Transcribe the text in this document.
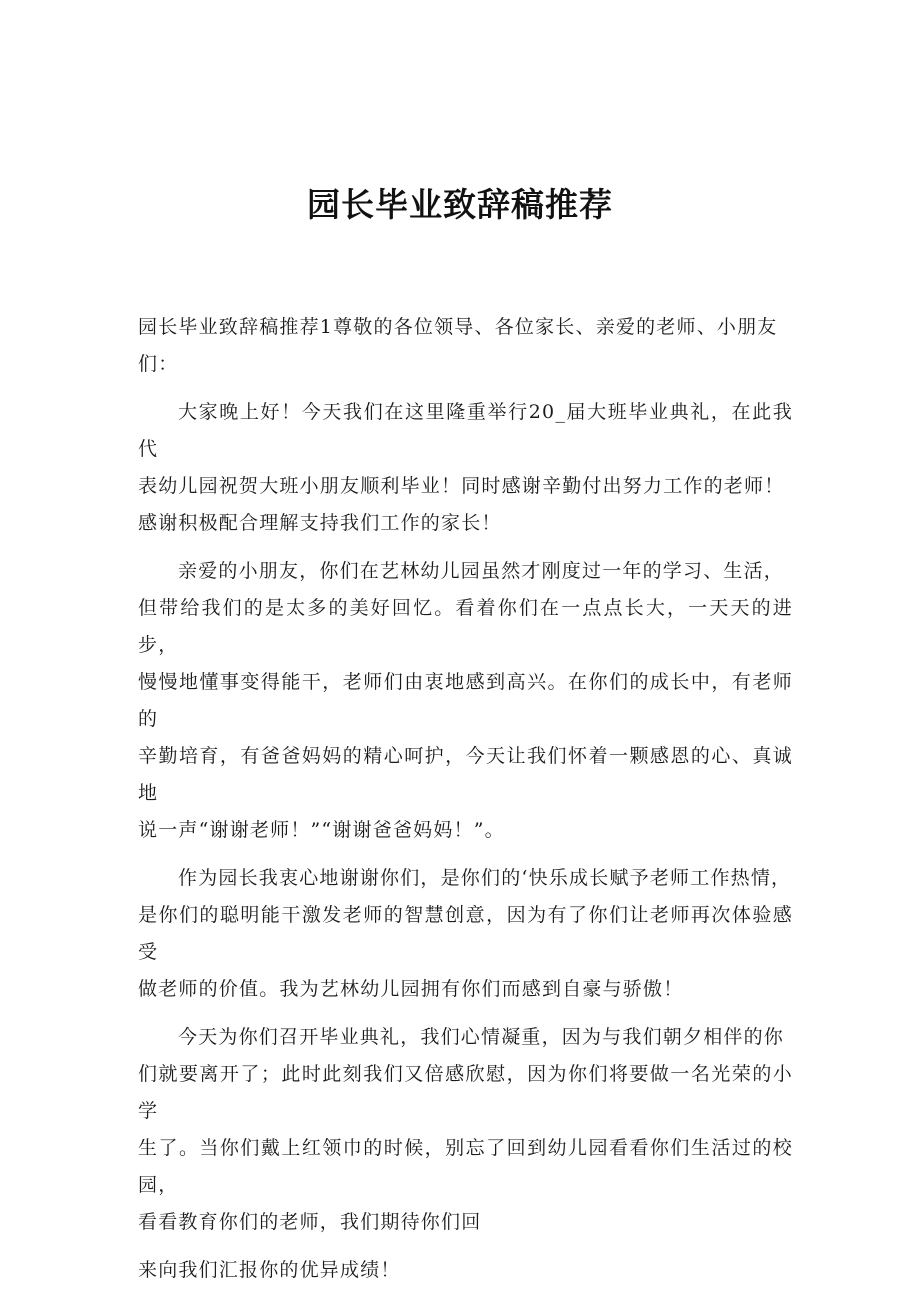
园长毕业致辞稿推荐

园长毕业致辞稿推荐1尊敬的各位领导、各位家长、亲爱的老师、小朋友
们：

大家晚上好！今天我们在这里隆重举行20_届大班毕业典礼，在此我代
表幼儿园祝贺大班小朋友顺利毕业！同时感谢辛勤付出努力工作的老师！
感谢积极配合理解支持我们工作的家长！

亲爱的小朋友，你们在艺林幼儿园虽然才刚度过一年的学习、生活，
但带给我们的是太多的美好回忆。看着你们在一点点长大，一天天的进步，
慢慢地懂事变得能干，老师们由衷地感到高兴。在你们的成长中，有老师的
辛勤培育，有爸爸妈妈的精心呵护，今天让我们怀着一颗感恩的心、真诚地
说一声“谢谢老师！”“谢谢爸爸妈妈！”。

作为园长我衷心地谢谢你们，是你们的‘快乐成长赋予老师工作热情，
是你们的聪明能干激发老师的智慧创意，因为有了你们让老师再次体验感受
做老师的价值。我为艺林幼儿园拥有你们而感到自豪与骄傲！

今天为你们召开毕业典礼，我们心情凝重，因为与我们朝夕相伴的你
们就要离开了；此时此刻我们又倍感欣慰，因为你们将要做一名光荣的小学
生了。当你们戴上红领巾的时候，别忘了回到幼儿园看看你们生活过的校园，
看看教育你们的老师，我们期待你们回

来向我们汇报你的优异成绩！
